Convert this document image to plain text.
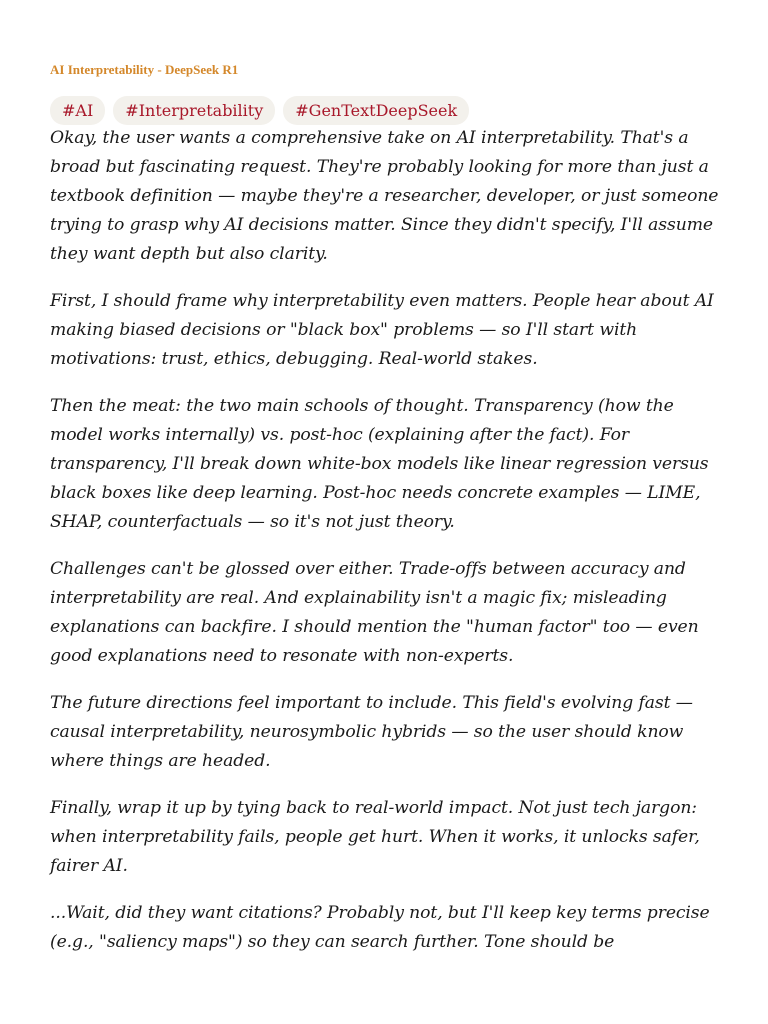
AI Interpretability - DeepSeek R1
#AI	#Interpretability	#GenTextDeepSeek

Okay, the user wants a comprehensive take on AI interpretability. That's a broad but fascinating request. They're probably looking for more than just a textbook definition — maybe they're a researcher, developer, or just someone trying to grasp why AI decisions matter. Since they didn't specify, I'll assume they want depth but also clarity.

First, I should frame why interpretability even matters. People hear about AI making biased decisions or "black box" problems — so I'll start with motivations: trust, ethics, debugging. Real-world stakes.

Then the meat: the two main schools of thought. Transparency (how the model works internally) vs. post-hoc (explaining after the fact). For transparency, I'll break down white-box models like linear regression versus black boxes like deep learning. Post-hoc needs concrete examples — LIME, SHAP, counterfactuals — so it's not just theory.

Challenges can't be glossed over either. Trade-offs between accuracy and interpretability are real. And explainability isn't a magic fix; misleading explanations can backfire. I should mention the "human factor" too — even good explanations need to resonate with non-experts.

The future directions feel important to include. This field's evolving fast — causal interpretability, neurosymbolic hybrids — so the user should know where things are headed.

Finally, wrap it up by tying back to real-world impact. Not just tech jargon: when interpretability fails, people get hurt. When it works, it unlocks safer, fairer AI.

...Wait, did they want citations? Probably not, but I'll keep key terms precise (e.g., "saliency maps") so they can search further. Tone should be
